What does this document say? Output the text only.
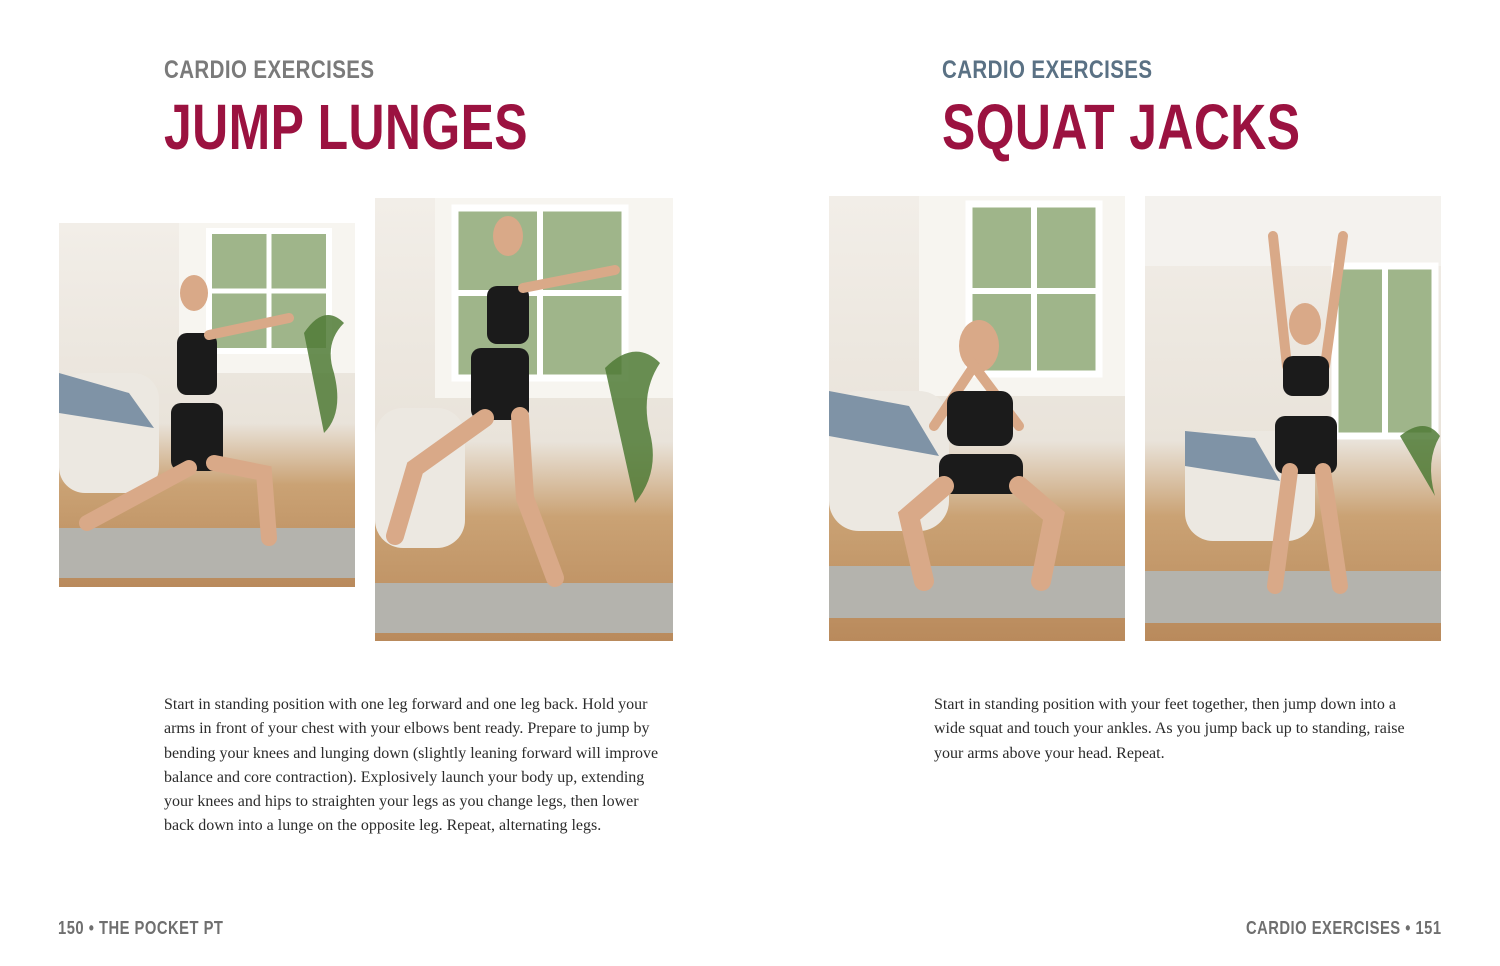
CARDIO EXERCISES
JUMP LUNGES

Start in standing position with one leg forward and one leg back. Hold your arms in front of your chest with your elbows bent ready. Prepare to jump by bending your knees and lunging down (slightly leaning forward will improve balance and core contraction). Explosively launch your body up, extending your knees and hips to straighten your legs as you change legs, then lower back down into a lunge on the opposite leg. Repeat, alternating legs.

150 • THE POCKET PT
CARDIO EXERCISES
SQUAT JACKS

Start in standing position with your feet together, then jump down into a wide squat and touch your ankles. As you jump back up to standing, raise your arms above your head. Repeat.

CARDIO EXERCISES • 151
